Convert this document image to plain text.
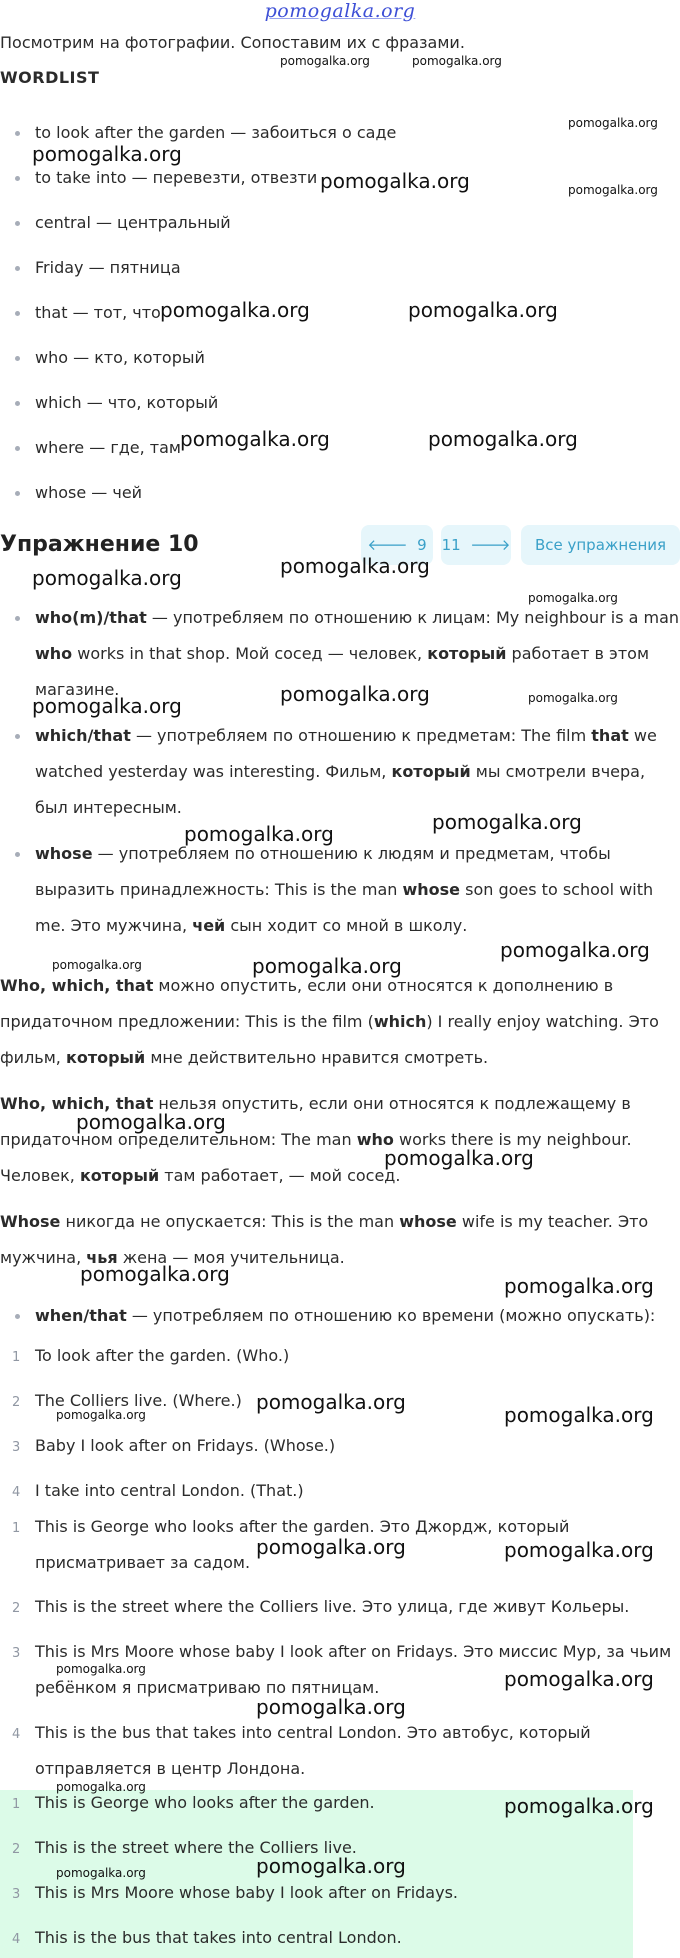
pomogalka.org
Посмотрим на фотографии. Сопоставим их с фразами.
WORDLIST
to look after the garden — забоиться о саде
to take into — перевезти, отвезти
central — центральный
Friday — пятница
that — тот, что
who — кто, который
which — что, который
where — где, там
whose — чей
Упражнение 10	🡐 9 11 🡒	Все упражнения
who(m)/that — употребляем по отношению к лицам: My neighbour is a man
who works in that shop. Мой сосед — человек, который работает в этом
магазине.
which/that — употребляем по отношению к предметам: The film that we
watched yesterday was interesting. Фильм, который мы смотрели вчера,
был интересным.
whose — употребляем по отношению к людям и предметам, чтобы
выразить принадлежность: This is the man whose son goes to school with
me. Это мужчина, чей сын ходит со мной в школу.
Who, which, that можно опустить, если они относятся к дополнению в
придаточном предложении: This is the film (which) I really enjoy watching. Это
фильм, который мне действительно нравится смотреть.
Who, which, that нельзя опустить, если они относятся к подлежащему в
придаточном определительном: The man who works there is my neighbour.
Человек, который там работает, — мой сосед.
Whose никогда не опускается: This is the man whose wife is my teacher. Это
мужчина, чья жена — моя учительница.
when/that — употребляем по отношению ко времени (можно опускать):
1 To look after the garden. (Who.)
2 The Colliers live. (Where.)
3 Baby I look after on Fridays. (Whose.)
4 I take into central London. (That.)
1 This is George who looks after the garden. Это Джордж, который
присматривает за садом.
2 This is the street where the Colliers live. Это улица, где живут Кольеры.
3 This is Mrs Moore whose baby I look after on Fridays. Это миссис Мур, за чьим
ребёнком я присматриваю по пятницам.
4 This is the bus that takes into central London. Это автобус, который
отправляется в центр Лондона.
1 This is George who looks after the garden.
2 This is the street where the Colliers live.
3 This is Mrs Moore whose baby I look after on Fridays.
4 This is the bus that takes into central London.
pomogalka.org	pomogalka.org
pomogalka.org
pomogalka.org
pomogalka.org	pomogalka.org
pomogalka.org	pomogalka.org
pomogalka.org	pomogalka.org
pomogalka.org
pomogalka.org
pomogalka.org
pomogalka.org	pomogalka.org
pomogalka.org
pomogalka.org
pomogalka.org
pomogalka.org
pomogalka.org	pomogalka.org
pomogalka.org
pomogalka.org
pomogalka.org	pomogalka.org
pomogalka.org
pomogalka.org	pomogalka.org
pomogalka.org	pomogalka.org
pomogalka.org	pomogalka.org
pomogalka.org
pomogalka.org
pomogalka.org
pomogalka.org	pomogalka.org
